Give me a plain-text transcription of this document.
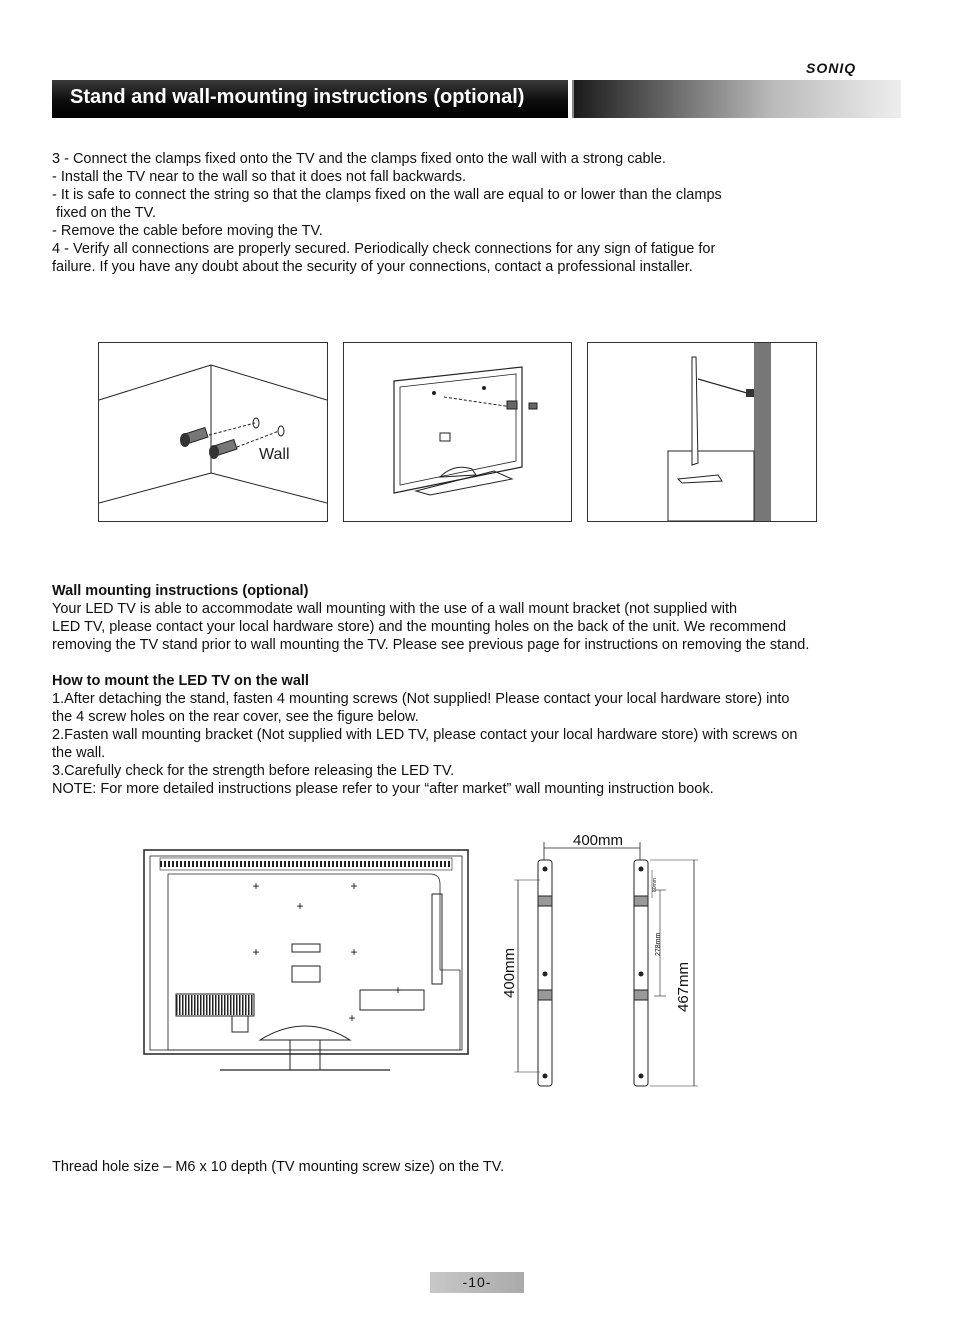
SONIQ
Stand and wall-mounting instructions (optional)
3 - Connect the clamps fixed onto the TV and the clamps fixed onto the wall with a strong cable.
- Install the TV near to the wall so that it does not fall backwards.
- It is safe to connect the string so that the clamps fixed on the wall are equal to or lower than the clamps
fixed on the TV.
- Remove the cable before moving the TV.
4 - Verify all connections are properly secured. Periodically check connections for any sign of fatigue for
failure. If you have any doubt about the security of your connections, contact a professional installer.
Wall
Wall mounting instructions (optional)
Your LED TV is able to accommodate wall mounting with the use of a wall mount bracket (not supplied with
LED TV, please contact your local hardware store) and the mounting holes on the back of the unit. We recommend
removing the TV stand prior to wall mounting the TV. Please see previous page for instructions on removing the stand.
How to mount the LED TV on the wall
1.After detaching the stand, fasten 4 mounting screws (Not supplied! Please contact your local hardware store) into
the 4 screw holes on the rear cover, see the figure below.
2.Fasten wall mounting bracket (Not supplied with LED TV, please contact your local hardware store) with screws on
the wall.
3.Carefully check for the strength before releasing the LED TV.
NOTE: For more detailed instructions please refer to your “after market” wall mounting instruction book.
+	+
+	+
+
+
+
400mm
400mm
278mm
80mm
467mm
Thread hole size – M6 x 10 depth (TV mounting screw size) on the TV.
-10-
